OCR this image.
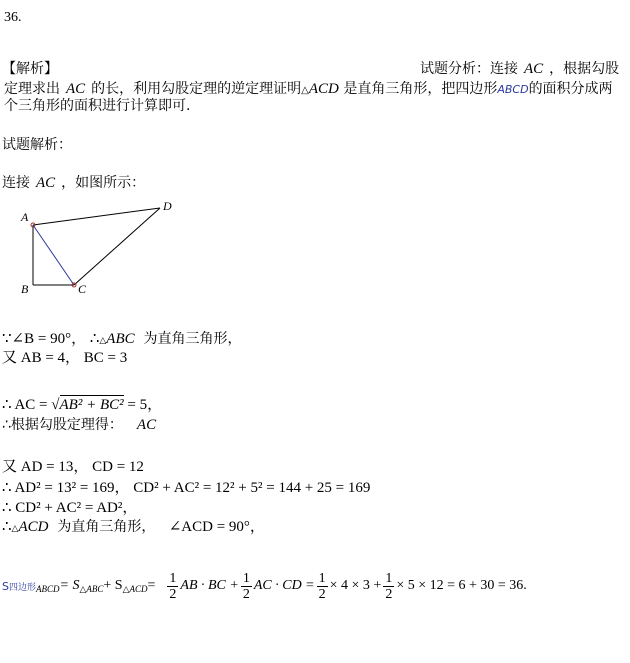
36.
【解析】	试题分析：连接 AC ，根据勾股
定理求出 AC 的长，利用勾股定理的逆定理证明△ACD 是直角三角形，把四边形ABCD的面积分成两
个三角形的面积进行计算即可.
试题解析：
连接 AC ，如图所示：
A
B	C
D
∵∠B = 90°， ∴△ABC 为直角三角形，
又 AB = 4， BC = 3
∴ AC = √AB² + BC² = 5，
∴根据勾股定理得： AC
又 AD = 13， CD = 12
∴ AD² = 13² = 169， CD² + AC² = 12² + 5² = 144 + 25 = 169
∴ CD² + AC² = AD²，
∴△ACD 为直角三角形， ∠ACD = 90°，
S 四边形 ABCD = S △ABC + S △ACD = $\frac{1}{2}$ AB · BC + $\frac{1}{2}$ AC · CD = $\frac{1}{2} \times 4 \times 3 + \frac{1}{2} \times 5 \times 12 = 6 + 30 = 36$.
